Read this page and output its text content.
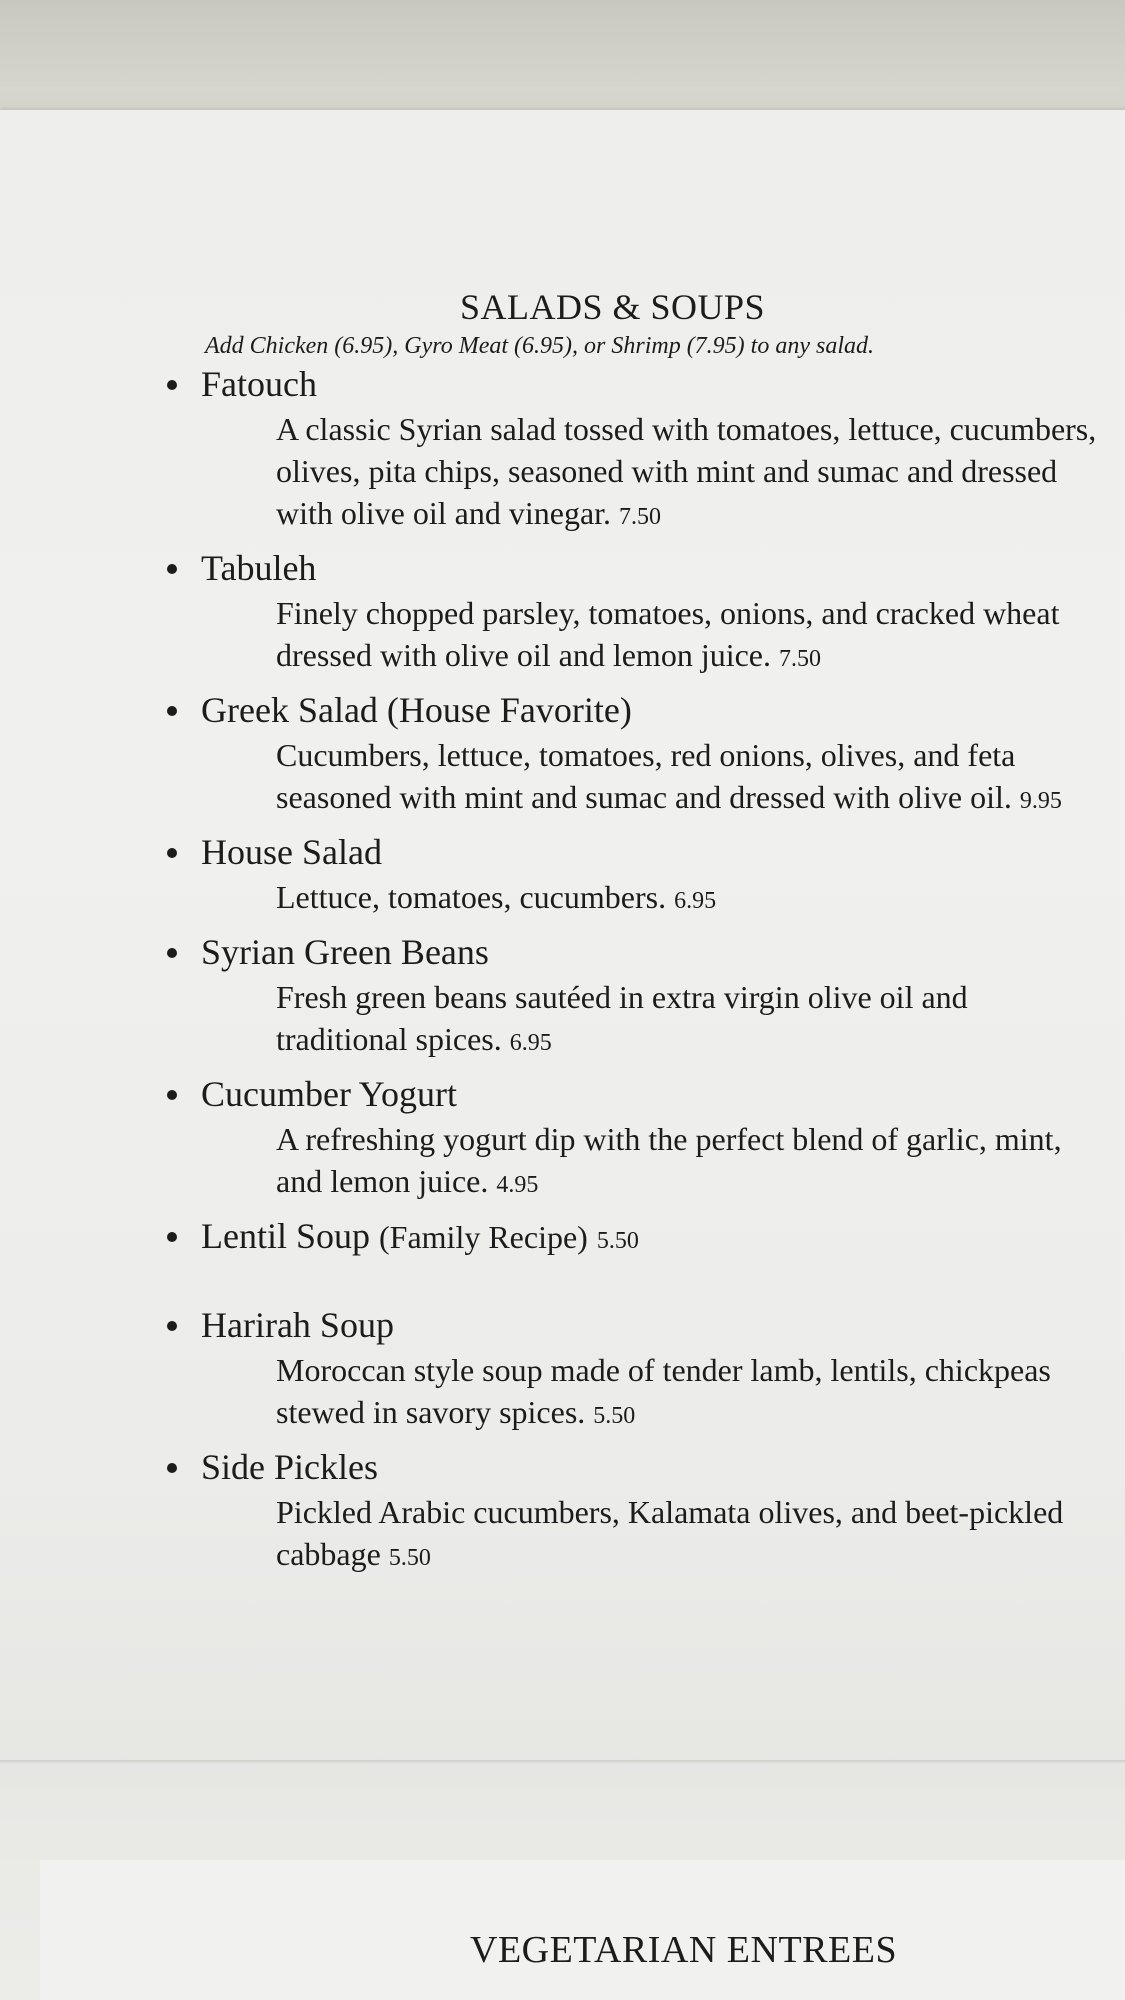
SALADS & SOUPS
Add Chicken (6.95), Gyro Meat (6.95), or Shrimp (7.95) to any salad.
Fatouch
A classic Syrian salad tossed with tomatoes, lettuce, cucumbers, olives, pita chips, seasoned with mint and sumac and dressed with olive oil and vinegar. 7.50
Tabuleh
Finely chopped parsley, tomatoes, onions, and cracked wheat dressed with olive oil and lemon juice. 7.50
Greek Salad (House Favorite)
Cucumbers, lettuce, tomatoes, red onions, olives, and feta seasoned with mint and sumac and dressed with olive oil. 9.95
House Salad
Lettuce, tomatoes, cucumbers. 6.95
Syrian Green Beans
Fresh green beans sautéed in extra virgin olive oil and traditional spices. 6.95
Cucumber Yogurt
A refreshing yogurt dip with the perfect blend of garlic, mint, and lemon juice. 4.95
Lentil Soup (Family Recipe) 5.50
Harirah Soup
Moroccan style soup made of tender lamb, lentils, chickpeas stewed in savory spices. 5.50
Side Pickles
Pickled Arabic cucumbers, Kalamata olives, and beet-pickled cabbage 5.50
VEGETARIAN ENTREES
